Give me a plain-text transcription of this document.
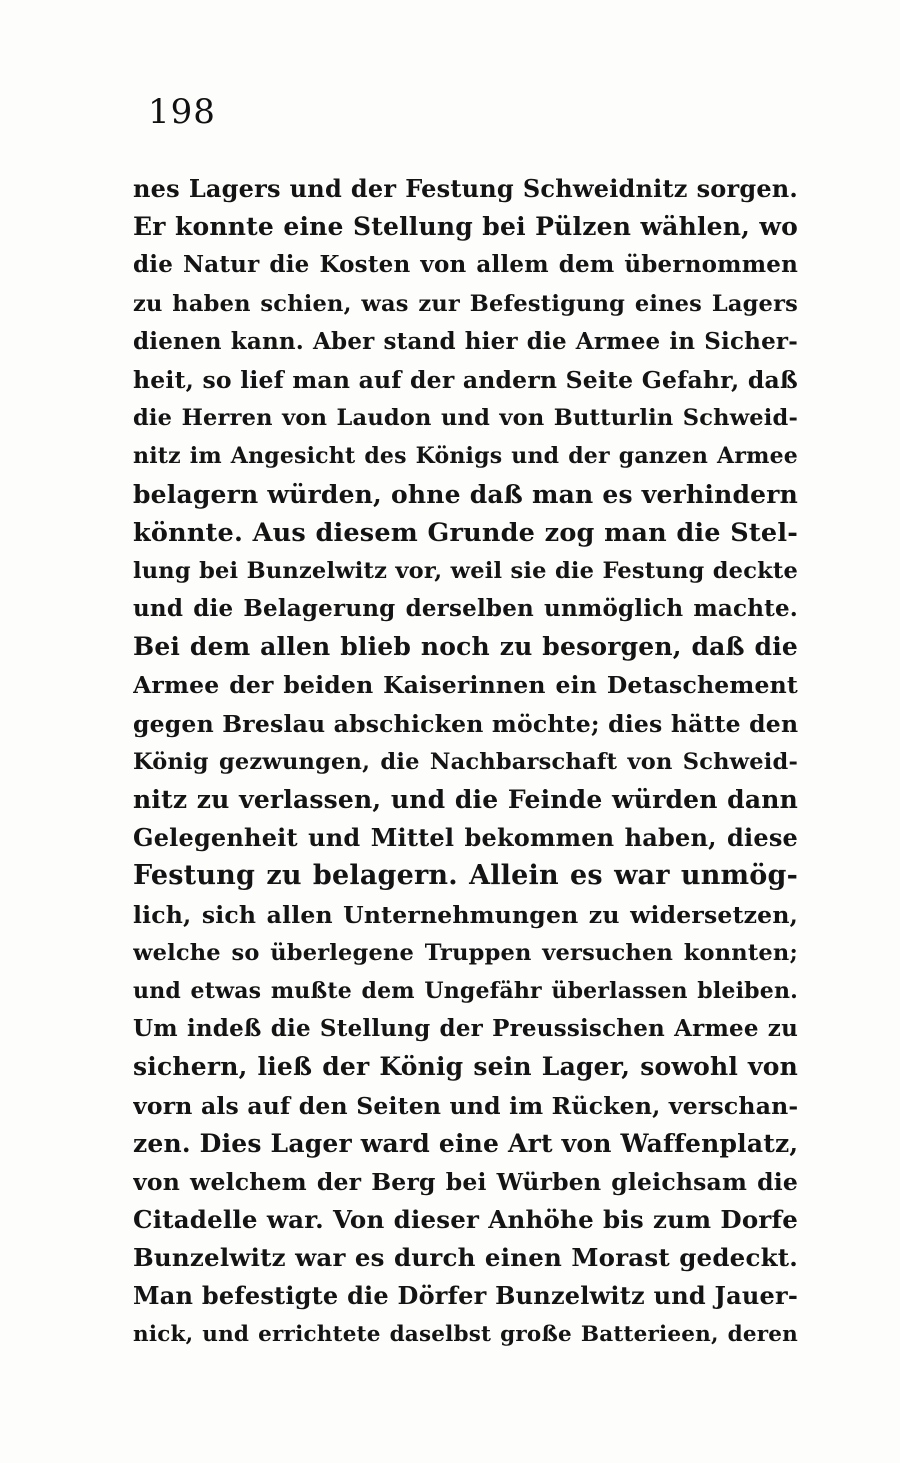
198
nes Lagers und der Festung Schweidnitz sorgen.
Er konnte eine Stellung bei Pülzen wählen, wo
die Natur die Kosten von allem dem übernommen
zu haben schien, was zur Befestigung eines Lagers
dienen kann. Aber stand hier die Armee in Sicher-
heit, so lief man auf der andern Seite Gefahr, daß
die Herren von Laudon und von Butturlin Schweid-
nitz im Angesicht des Königs und der ganzen Armee
belagern würden, ohne daß man es verhindern
könnte. Aus diesem Grunde zog man die Stel-
lung bei Bunzelwitz vor, weil sie die Festung deckte
und die Belagerung derselben unmöglich machte.
Bei dem allen blieb noch zu besorgen, daß die
Armee der beiden Kaiserinnen ein Detaschement
gegen Breslau abschicken möchte; dies hätte den
König gezwungen, die Nachbarschaft von Schweid-
nitz zu verlassen, und die Feinde würden dann
Gelegenheit und Mittel bekommen haben, diese
Festung zu belagern. Allein es war unmög-
lich, sich allen Unternehmungen zu widersetzen,
welche so überlegene Truppen versuchen konnten;
und etwas mußte dem Ungefähr überlassen bleiben.
Um indeß die Stellung der Preussischen Armee zu
sichern, ließ der König sein Lager, sowohl von
vorn als auf den Seiten und im Rücken, verschan-
zen. Dies Lager ward eine Art von Waffenplatz,
von welchem der Berg bei Würben gleichsam die
Citadelle war. Von dieser Anhöhe bis zum Dorfe
Bunzelwitz war es durch einen Morast gedeckt.
Man befestigte die Dörfer Bunzelwitz und Jauer-
nick, und errichtete daselbst große Batterieen, deren
